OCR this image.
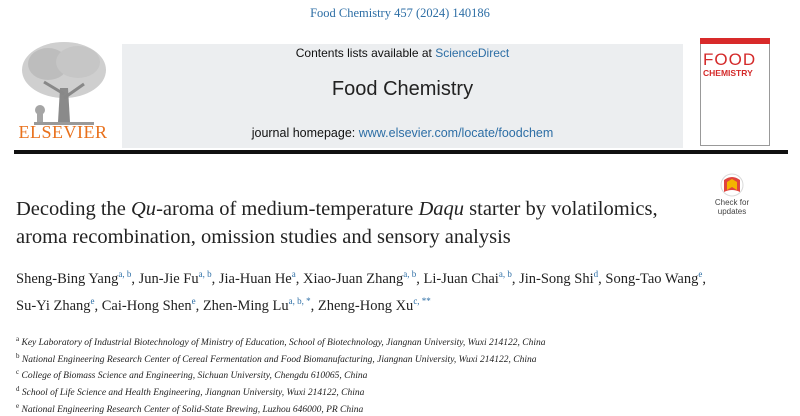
Food Chemistry 457 (2024) 140186
ELSEVIER
Contents lists available at ScienceDirect
Food Chemistry
journal homepage: www.elsevier.com/locate/foodchem
FOOD
CHEMISTRY
Check for updates
Decoding the Qu-aroma of medium-temperature Daqu starter by volatilomics, aroma recombination, omission studies and sensory analysis
Sheng-Bing Yang$^{a, b}$, Jun-Jie Fu$^{a, b}$, Jia-Huan He$^a$, Xiao-Juan Zhang$^{a, b}$, Li-Juan Chai$^{a, b}$, Jin-Song Shi$^d$, Song-Tao Wang$^e$, Su-Yi Zhang$^e$, Cai-Hong Shen$^e$, Zhen-Ming $Lu^{a, b, *}$, Zheng-Hong $Xu^{c, **}$
$^a$ Key Laboratory of Industrial Biotechnology of Ministry of Education, School of Biotechnology, Jiangnan University, Wuxi 214122, China
$^b$ National Engineering Research Center of Cereal Fermentation and Food Biomanufacturing, Jiangnan University, Wuxi 214122, China
$^c$ College of Biomass Science and Engineering, Sichuan University, Chengdu 610065, China
$^d$ School of Life Science and Health Engineering, Jiangnan University, Wuxi 214122, China
$^e$ National Engineering Research Center of Solid-State Brewing, Luzhou 646000, PR China
